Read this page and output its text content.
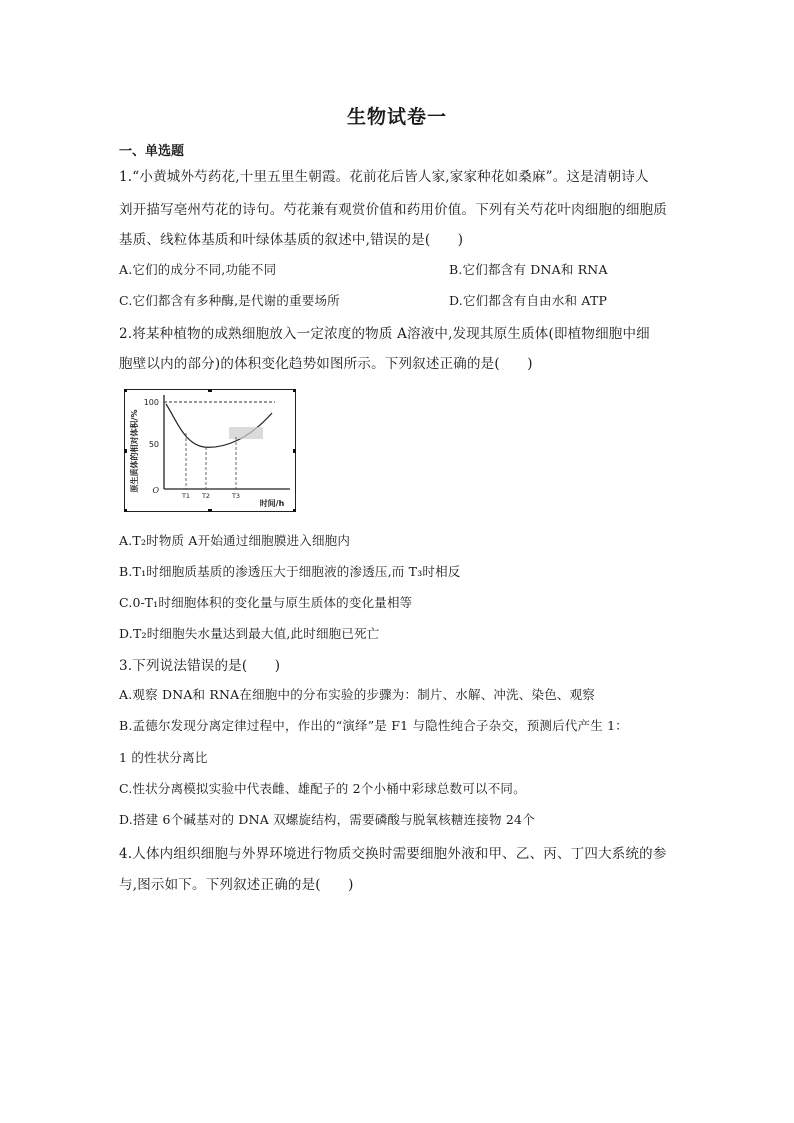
生物试卷一
一、单选题
1.“小黄城外芍药花,十里五里生朝霞。花前花后皆人家,家家种花如桑麻”。这是清朝诗人
刘开描写亳州芍花的诗句。芍花兼有观赏价值和药用价值。下列有关芍花叶肉细胞的细胞质
基质、线粒体基质和叶绿体基质的叙述中,错误的是(　　)
A.它们的成分不同,功能不同	B.它们都含有 DNA和 RNA
C.它们都含有多种酶,是代谢的重要场所	D.它们都含有自由水和 ATP
2.将某种植物的成熟细胞放入一定浓度的物质 A溶液中,发现其原生质体(即植物细胞中细
胞壁以内的部分)的体积变化趋势如图所示。下列叙述正确的是(　　)
原生质体的相对体积/%
100
50
O
T1 T2	T3
时间/h
A.T₂时物质 A开始通过细胞膜进入细胞内
B.T₁时细胞质基质的渗透压大于细胞液的渗透压,而 T₃时相反
C.0-T₁时细胞体积的变化量与原生质体的变化量相等
D.T₂时细胞失水量达到最大值,此时细胞已死亡
3.下列说法错误的是(　　)
A.观察 DNA和 RNA在细胞中的分布实验的步骤为：制片、水解、冲洗、染色、观察
B.孟德尔发现分离定律过程中，作出的“演绎”是 F1 与隐性纯合子杂交，预测后代产生 1：
1 的性状分离比
C.性状分离模拟实验中代表雌、雄配子的 2个小桶中彩球总数可以不同。
D.搭建 6个碱基对的 DNA 双螺旋结构，需要磷酸与脱氧核糖连接物 24个
4.人体内组织细胞与外界环境进行物质交换时需要细胞外液和甲、乙、丙、丁四大系统的参
与,图示如下。下列叙述正确的是(　　)
